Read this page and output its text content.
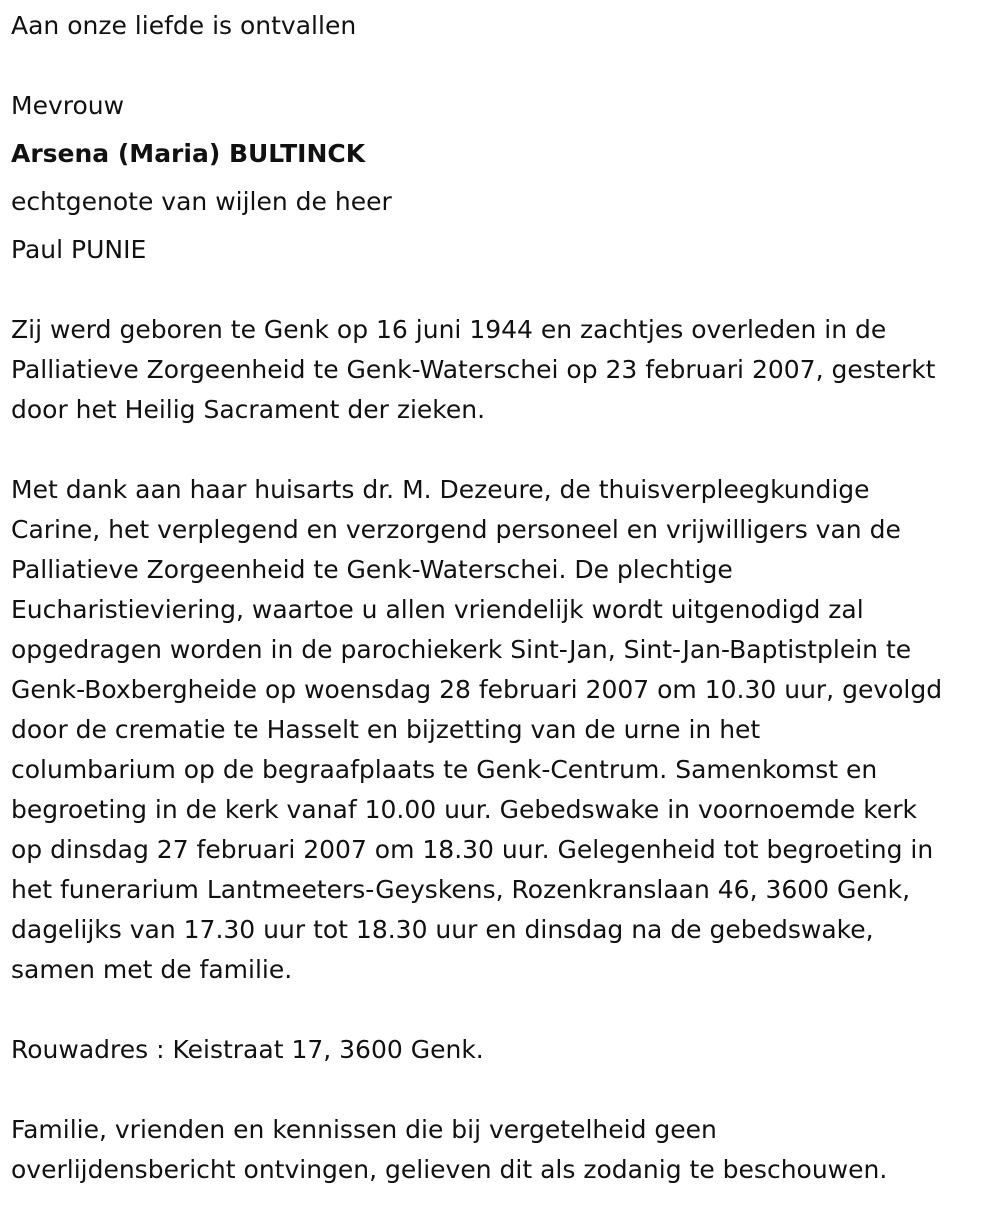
Aan onze liefde is ontvallen

Mevrouw

Arsena (Maria) BULTINCK

echtgenote van wijlen de heer

Paul PUNIE

Zij werd geboren te Genk op 16 juni 1944 en zachtjes overleden in de
Palliatieve Zorgeenheid te Genk-Waterschei op 23 februari 2007, gesterkt
door het Heilig Sacrament der zieken.
Met dank aan haar huisarts dr. M. Dezeure, de thuisverpleegkundige
Carine, het verplegend en verzorgend personeel en vrijwilligers van de
Palliatieve Zorgeenheid te Genk-Waterschei. De plechtige
Eucharistieviering, waartoe u allen vriendelijk wordt uitgenodigd zal
opgedragen worden in de parochiekerk Sint-Jan, Sint-Jan-Baptistplein te
Genk-Boxbergheide op woensdag 28 februari 2007 om 10.30 uur, gevolgd
door de crematie te Hasselt en bijzetting van de urne in het
columbarium op de begraafplaats te Genk-Centrum. Samenkomst en
begroeting in de kerk vanaf 10.00 uur. Gebedswake in voornoemde kerk
op dinsdag 27 februari 2007 om 18.30 uur. Gelegenheid tot begroeting in
het funerarium Lantmeeters-Geyskens, Rozenkranslaan 46, 3600 Genk,
dagelijks van 17.30 uur tot 18.30 uur en dinsdag na de gebedswake,
samen met de familie.
Rouwadres : Keistraat 17, 3600 Genk.
Familie, vrienden en kennissen die bij vergetelheid geen
overlijdensbericht ontvingen, gelieven dit als zodanig te beschouwen.
